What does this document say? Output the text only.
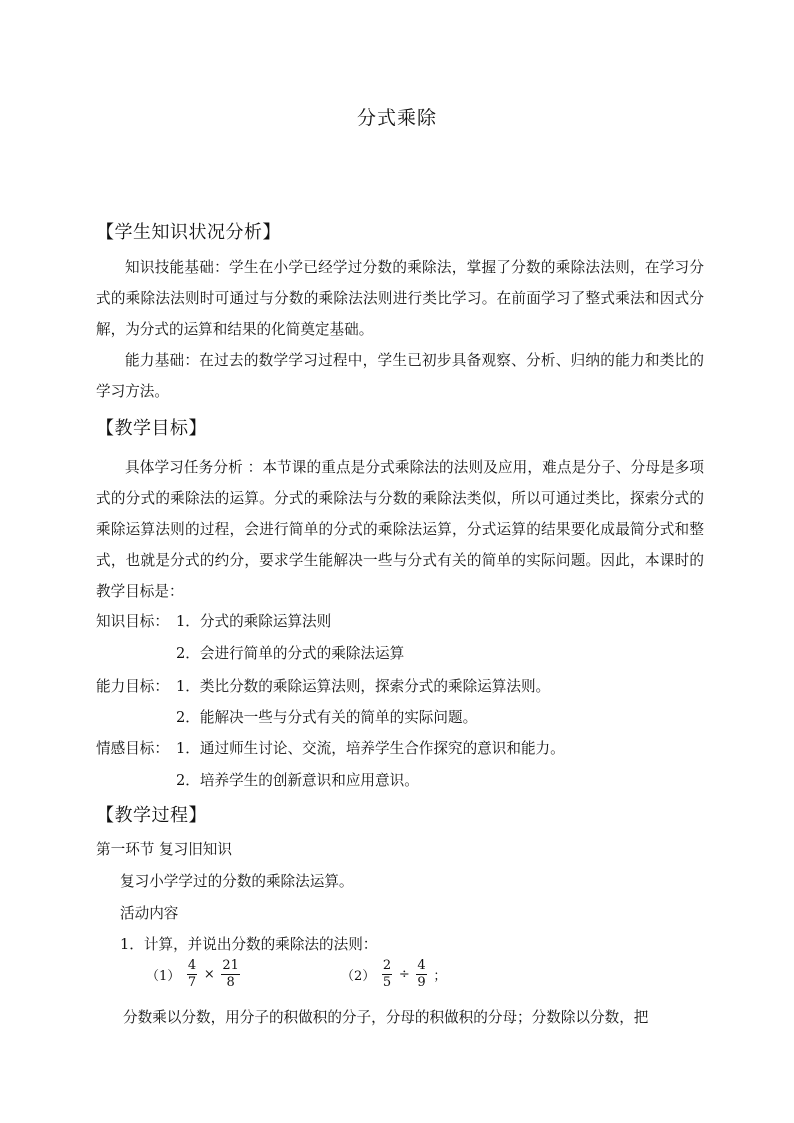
分式乘除
【学生知识状况分析】
知识技能基础：学生在小学已经学过分数的乘除法，掌握了分数的乘除法法则，在学习分式的乘除法法则时可通过与分数的乘除法法则进行类比学习。在前面学习了整式乘法和因式分解，为分式的运算和结果的化简奠定基础。
能力基础：在过去的数学学习过程中，学生已初步具备观察、分析、归纳的能力和类比的学习方法。
【教学目标】
具体学习任务分析 ：本节课的重点是分式乘除法的法则及应用，难点是分子、分母是多项式的分式的乘除法的运算。分式的乘除法与分数的乘除法类似，所以可通过类比，探索分式的乘除运算法则的过程，会进行简单的分式的乘除法运算，分式运算的结果要化成最简分式和整式，也就是分式的约分，要求学生能解决一些与分式有关的简单的实际问题。因此，本课时的教学目标是：
知识目标： 1．分式的乘除运算法则
2．会进行简单的分式的乘除法运算
能力目标： 1．类比分数的乘除运算法则，探索分式的乘除运算法则。
2．能解决一些与分式有关的简单的实际问题。
情感目标： 1．通过师生讨论、交流，培养学生合作探究的意识和能力。
2．培养学生的创新意识和应用意识。
【教学过程】
第一环节 复习旧知识
复习小学学过的分数的乘除法运算。
活动内容
1．计算，并说出分数的乘除法的法则：
$(1) \frac{4}{7} \times \frac{21}{8}$	$(2) \frac{2}{5} \div \frac{4}{9}$ ；
分数乘以分数，用分子的积做积的分子，分母的积做积的分母；分数除以分数，把
